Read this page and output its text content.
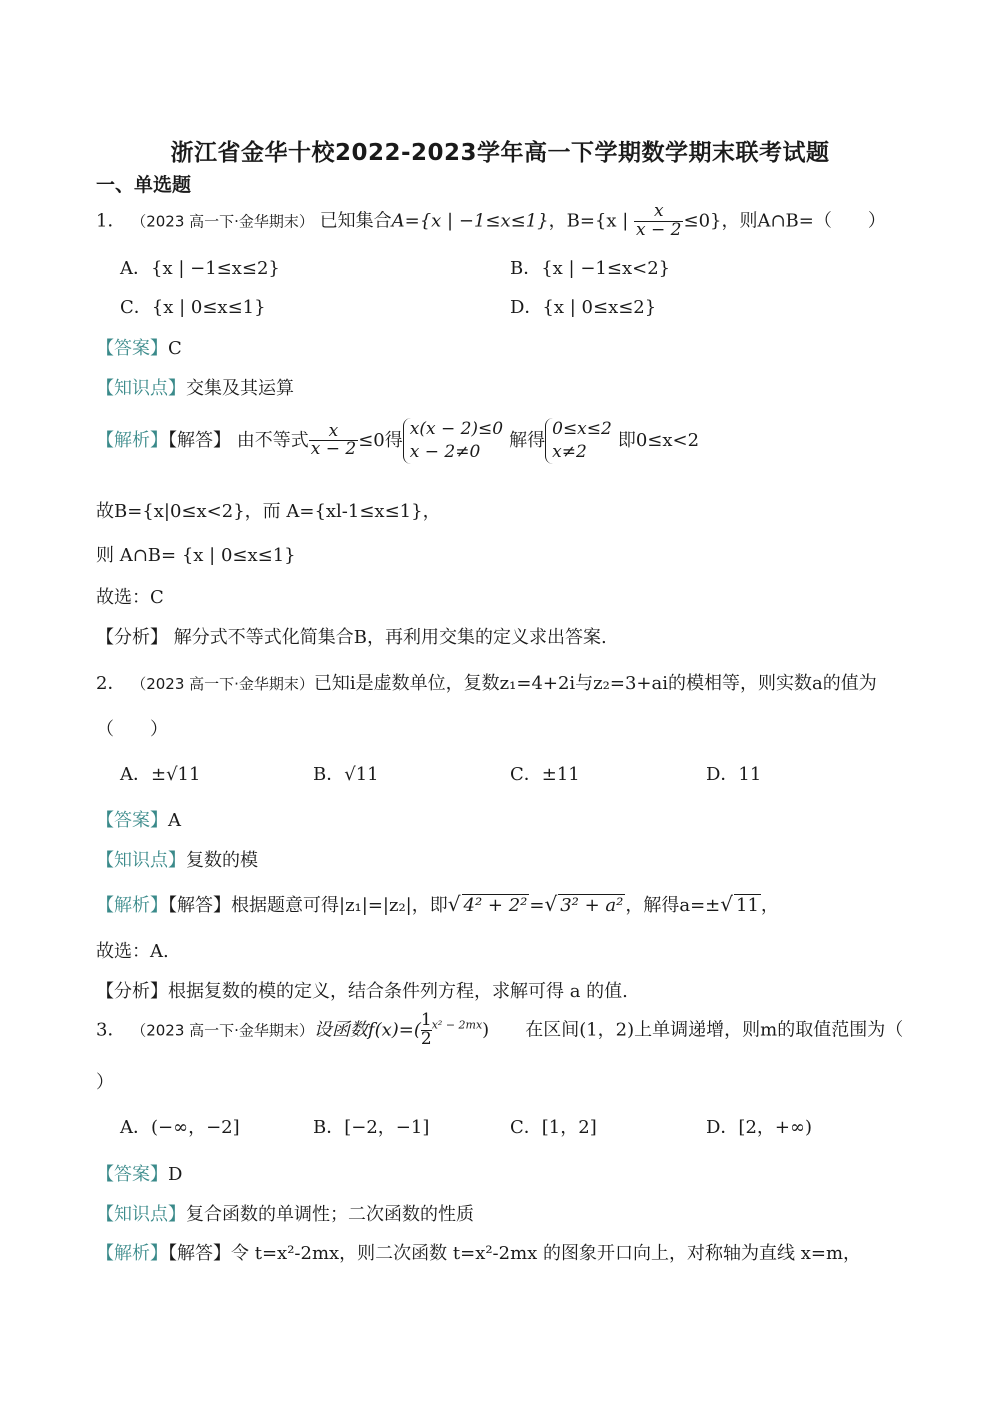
浙江省金华十校2022-2023学年高一下学期数学期末联考试题
一、单选题
1． （2023 高一下·金华期末） 已知集合A={x | −1≤x≤1}，B={x | $\frac{x}{x - 2} \le 0$}，则A∩B=（　　）
A．{x | −1≤x≤2}	B．{x | −1≤x<2}
C．{x | 0≤x≤1}	D．{x | 0≤x≤2}
【答案】C
【知识点】交集及其运算
【解析】【解答】 由不等式 $\frac{x}{x - 2} \le 0$得
x(x − 2)≤0
x − 2≠0
解得
0≤x≤2
x≠2
即0≤x<2
故B={x|0≤x<2}，而 A={xl-1≤x≤1}，
则 A∩B= {x | 0≤x≤1}
故选：C
【分析】 解分式不等式化简集合B，再利用交集的定义求出答案.
2． （2023 高一下·金华期末）已知i是虚数单位，复数z₁=4+2i与z₂=3+ai的模相等，则实数a的值为
（　　）
A．±√11	B．√11	C．±11	D．11
【答案】A
【知识点】复数的模
【解析】【解答】根据题意可得|z₁|=|z₂|，即√ 4² + 2² =√ 3² + a² ，解得a=±√ 11 ，
故选：A.
【分析】根据复数的模的定义，结合条件列方程，求解可得 a 的值.
3． （2023 高一下·金华期末）设函数$f(x)=( \frac{1}{2}^{x^2 - 2mx})$　　在区间(1，2)上单调递增，则m的取值范围为（
）
A．(−∞，−2]	B．[−2，−1]	C．[1，2]	D．[2，+∞)
【答案】D
【知识点】复合函数的单调性；二次函数的性质
【解析】【解答】令 t=x²-2mx，则二次函数 t=x²-2mx 的图象开口向上，对称轴为直线 x=m，
